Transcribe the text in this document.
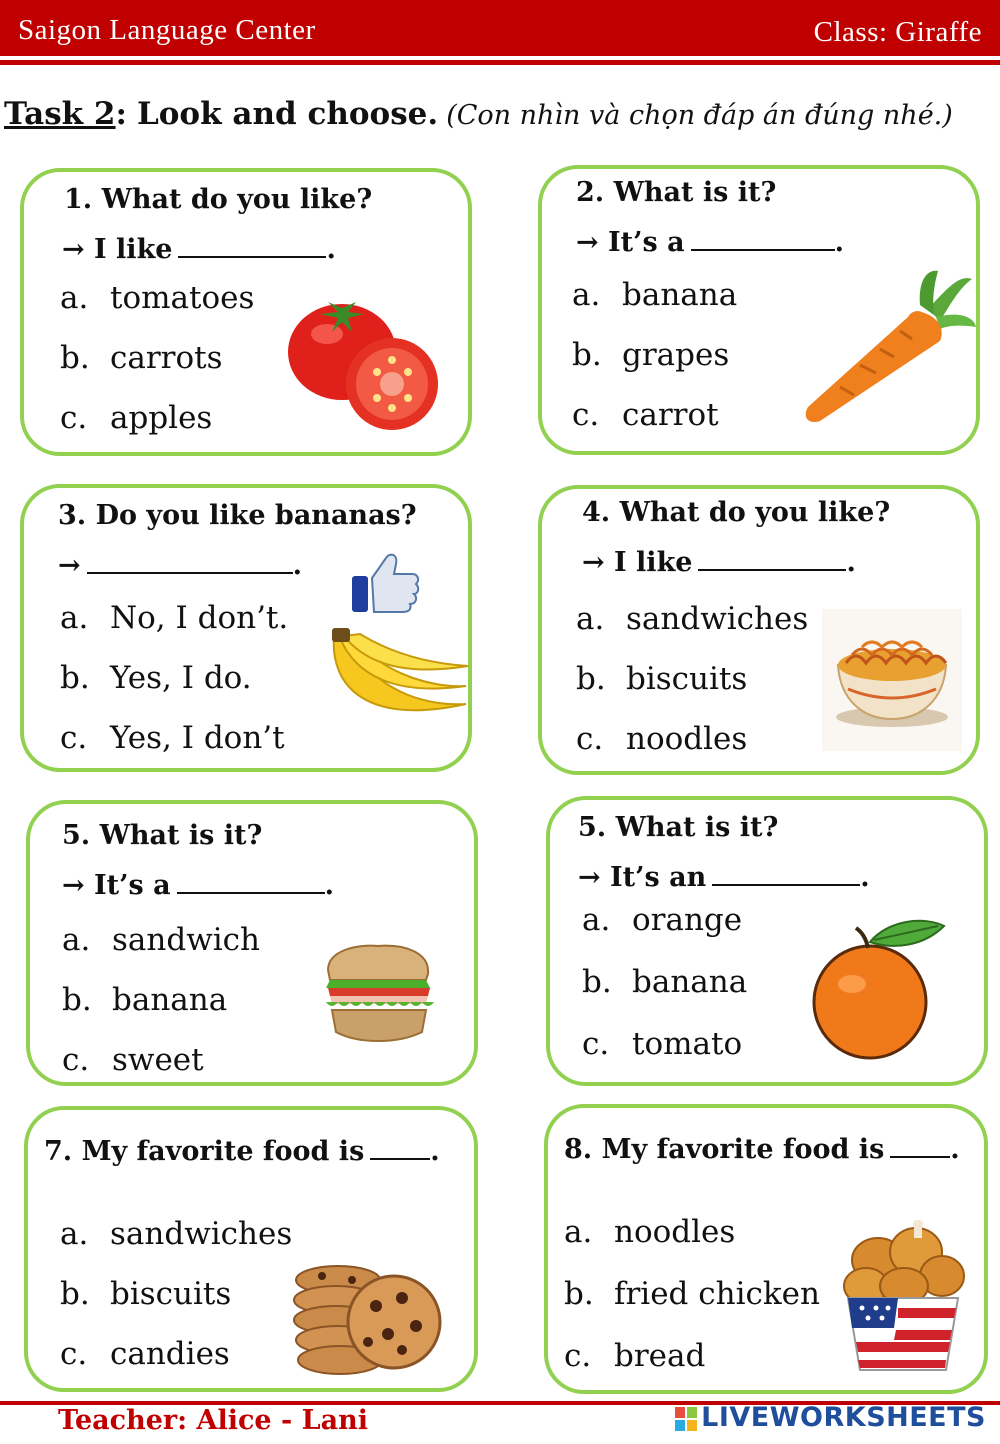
Saigon Language Center	Class: Giraffe
Task 2: Look and choose. (Con nhìn và chọn đáp án đúng nhé.)
1. What do you like?
→ I like	.
a. tomatoes
b. carrots
c. apples
2. What is it?
→ It’s a	.
a. banana
b. grapes
c. carrot
3. Do you like bananas?
→	.
a. No, I don’t.
b. Yes, I do.
c. Yes, I don’t
4. What do you like?
→ I like	.
a. sandwiches
b. biscuits
c. noodles
5. What is it?
→ It’s a	.
a. sandwich
b. banana
c. sweet
5. What is it?
→ It’s an	.
a. orange
b. banana
c. tomato
7. My favorite food is .
a. sandwiches
b. biscuits
c. candies
8. My favorite food is .
a. noodles
b. fried chicken
c. bread
Teacher: Alice - Lani	LIVEWORKSHEETS
